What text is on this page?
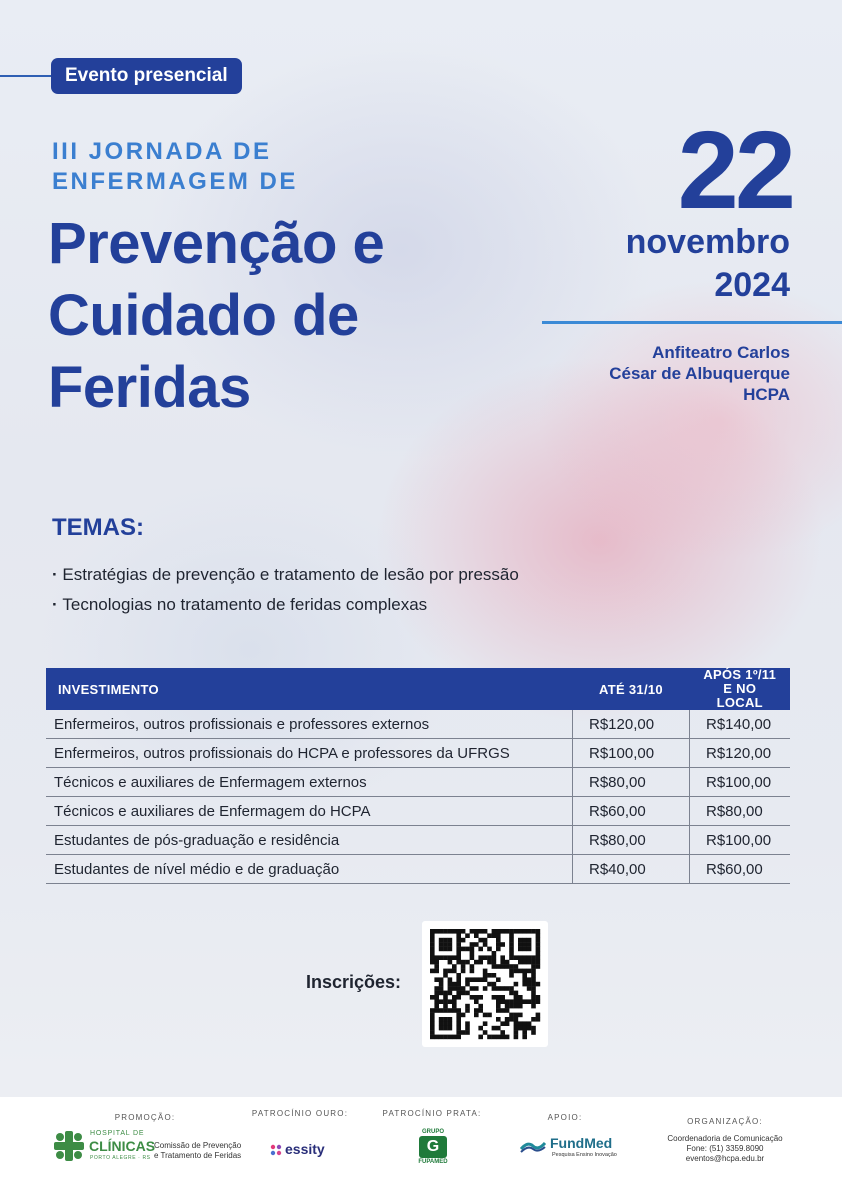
Evento presencial
III JORNADA DE
ENFERMAGEM DE
Prevenção e
Cuidado de
Feridas
22
novembro
2024
Anfiteatro Carlos
César de Albuquerque
HCPA
TEMAS:
· Estratégias de prevenção e tratamento de lesão por pressão
· Tecnologias no tratamento de feridas complexas
INVESTIMENTO	ATÉ 31/10	APÓS 1º/11
E NO LOCAL

Enfermeiros, outros profissionais e professores externos	R$120,00	R$140,00
Enfermeiros, outros profissionais do HCPA e professores da UFRGS	R$100,00	R$120,00
Técnicos e auxiliares de Enfermagem externos	R$80,00	R$100,00
Técnicos e auxiliares de Enfermagem do HCPA	R$60,00	R$80,00
Estudantes de pós-graduação e residência	R$80,00	R$100,00
Estudantes de nível médio e de graduação	R$40,00	R$60,00
Inscrições:
PROMOÇÃO:
HOSPITAL DE
CLÍNICAS
PORTO ALEGRE · RS
Comissão de Prevenção
e Tratamento de Feridas
PATROCÍNIO OURO:
essity
PATROCÍNIO PRATA:
GRUPO
G
FUPAMED
APOIO:
FundMed
Pesquisa Ensino Inovação
ORGANIZAÇÃO:
Coordenadoria de Comunicação
Fone: (51) 3359.8090
eventos@hcpa.edu.br
